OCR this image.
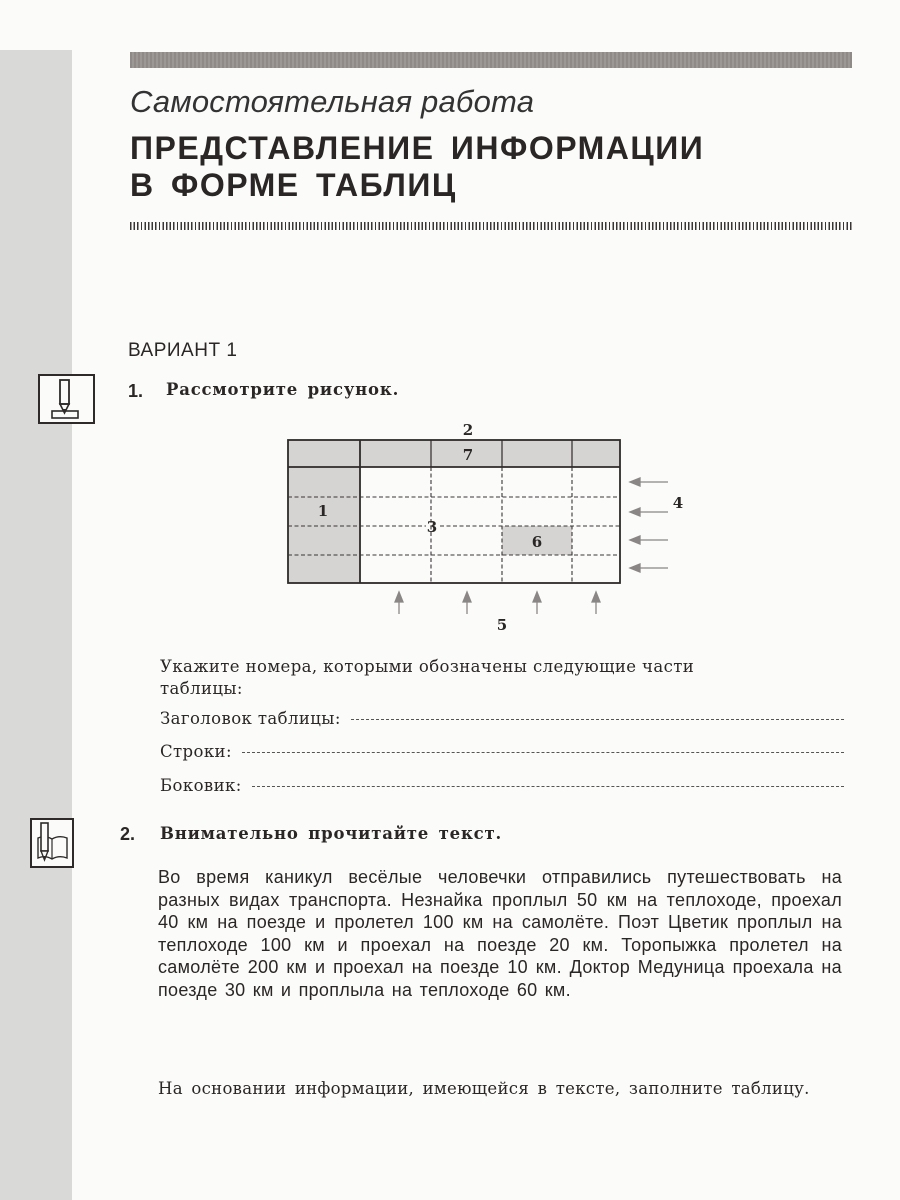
Самостоятельная работа
ПРЕДСТАВЛЕНИЕ ИНФОРМАЦИИ
В ФОРМЕ ТАБЛИЦ
ВАРИАНТ 1
1. Рассмотрите рисунок.
2
7
1
3
6
4
5
Укажите номера, которыми обозначены следующие части
таблицы:
Заголовок таблицы:
Строки:
Боковик:
2. Внимательно прочитайте текст.
Во время каникул весёлые человечки отправились путешествовать на разных видах транспорта. Незнайка проплыл 50 км на теплоходе, проехал 40 км на поезде и пролетел 100 км на самолёте. Поэт Цветик проплыл на теплоходе 100 км и проехал на поезде 20 км. Торопыжка пролетел на самолёте 200 км и проехал на поезде 10 км. Доктор Медуница проехала на поезде 30 км и проплыла на теплоходе 60 км.
На основании информации, имеющейся в тексте, заполните таблицу.
